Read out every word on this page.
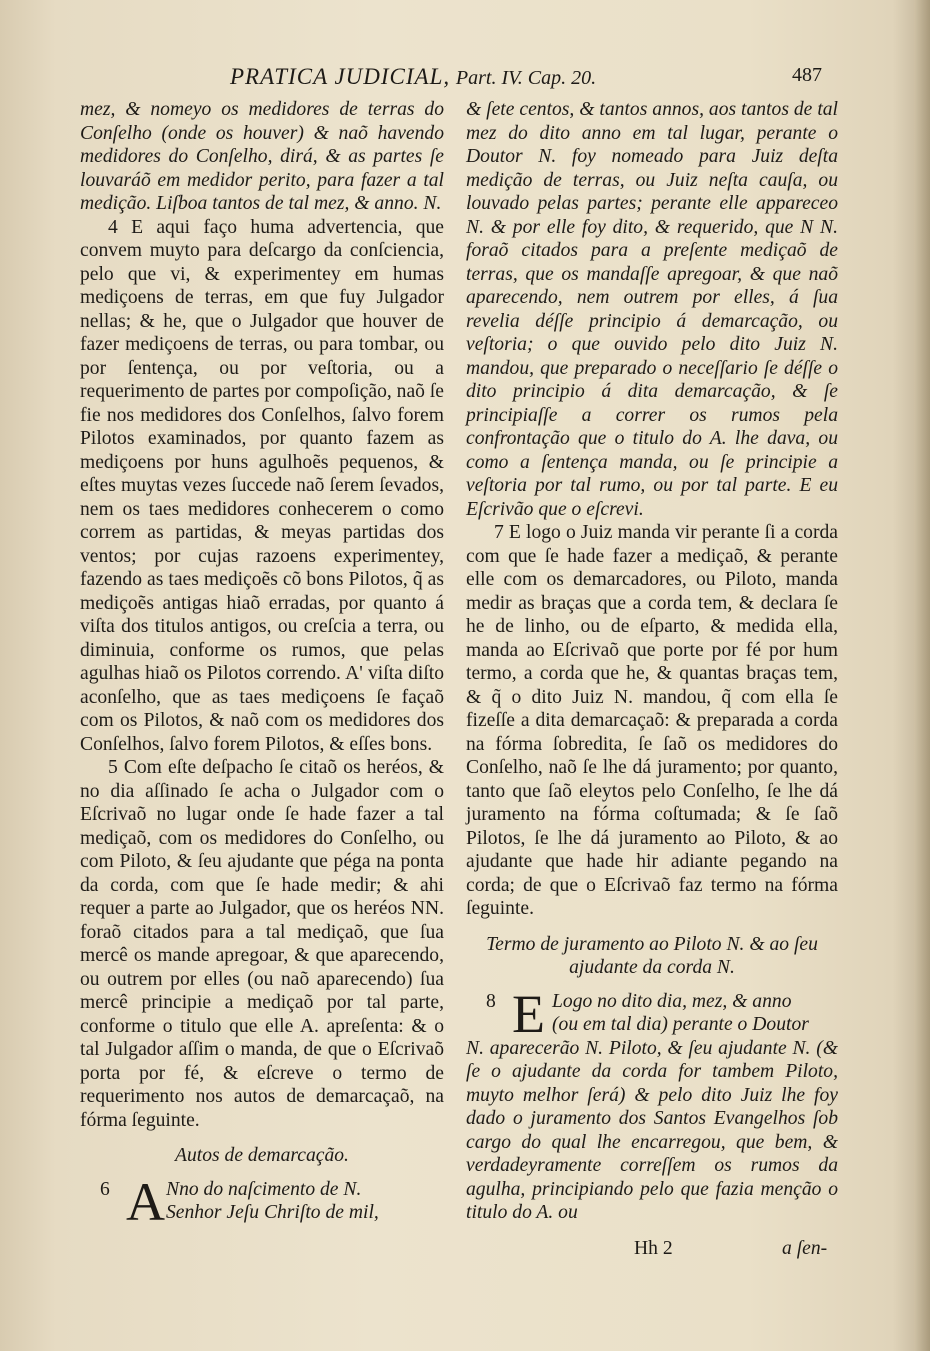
PRATICA JUDICIAL, Part. IV. Cap. 20.	487

mez, & nomeyo os medidores de terras do Conſelho (onde os houver) & naõ havendo medidores do Conſelho, dirá, & as partes ſe louvaráõ em medidor perito, para fazer a tal medição. Liſboa tantos de tal mez, & anno. N.

4 E aqui faço huma advertencia, que convem muyto para deſcargo da conſciencia, pelo que vi, & experimentey em humas mediçoens de terras, em que fuy Julgador nellas; & he, que o Julgador que houver de fazer mediçoens de terras, ou para tombar, ou por ſentença, ou por veſtoria, ou a requerimento de partes por compoſição, naõ ſe fie nos medidores dos Conſelhos, ſalvo forem Pilotos examinados, por quanto fazem as mediçoens por huns agulhoẽs pequenos, & eſtes muytas vezes ſuccede naõ ſerem ſevados, nem os taes medidores conhecerem o como correm as partidas, & meyas partidas dos ventos; por cujas razoens experimentey, fazendo as taes mediçoẽs cõ bons Pilotos, q̃ as mediçoẽs antigas hiaõ erradas, por quanto á viſta dos titulos antigos, ou creſcia a terra, ou diminuia, conforme os rumos, que pelas agulhas hiaõ os Pilotos correndo. A' viſta diſto aconſelho, que as taes mediçoens ſe façaõ com os Pilotos, & naõ com os medidores dos Conſelhos, ſalvo forem Pilotos, & eſſes bons.

5 Com eſte deſpacho ſe citaõ os heréos, & no dia aſſinado ſe acha o Julgador com o Eſcrivaõ no lugar onde ſe hade fazer a tal mediçaõ, com os medidores do Conſelho, ou com Piloto, & ſeu ajudante que péga na ponta da corda, com que ſe hade medir; & ahi requer a parte ao Julgador, que os heréos NN. foraõ citados para a tal mediçaõ, que ſua mercê os mande apregoar, & que aparecendo, ou outrem por elles (ou naõ aparecendo) ſua mercê principie a mediçaõ por tal parte, conforme o titulo que elle A. apreſenta: & o tal Julgador aſſim o manda, de que o Eſcrivaõ porta por fé, & eſcreve o termo de requerimento nos autos de demarcaçaõ, na fórma ſeguinte.

Autos de demarcação.

6 A Nno do naſcimento de N.
Senhor Jeſu Chriſto de mil,

& ſete centos, & tantos annos, aos tantos de tal mez do dito anno em tal lugar, perante o Doutor N. foy nomeado para Juiz deſta medição de terras, ou Juiz neſta cauſa, ou louvado pelas partes; perante elle appareceo N. & por elle foy dito, & requerido, que N N. foraõ citados para a preſente mediçaõ de terras, que os mandaſſe apregoar, & que naõ aparecendo, nem outrem por elles, á ſua revelia déſſe principio á demarcação, ou veſtoria; o que ouvido pelo dito Juiz N. mandou, que preparado o neceſſario ſe déſſe o dito principio á dita demarcação, & ſe principiaſſe a correr os rumos pela confrontação que o titulo do A. lhe dava, ou como a ſentença manda, ou ſe principie a veſtoria por tal rumo, ou por tal parte. E eu Eſcrivão que o eſcrevi.

7 E logo o Juiz manda vir perante ſi a corda com que ſe hade fazer a mediçaõ, & perante elle com os demarcadores, ou Piloto, manda medir as braças que a corda tem, & declara ſe he de linho, ou de eſparto, & medida ella, manda ao Eſcrivaõ que porte por fé por hum termo, a corda que he, & quantas braças tem, & q̃ o dito Juiz N. mandou, q̃ com ella ſe fizeſſe a dita demarcaçaõ: & preparada a corda na fórma ſobredita, ſe ſaõ os medidores do Conſelho, naõ ſe lhe dá juramento; por quanto, tanto que ſaõ eleytos pelo Conſelho, ſe lhe dá juramento na fórma coſtumada; & ſe ſaõ Pilotos, ſe lhe dá juramento ao Piloto, & ao ajudante que hade hir adiante pegando na corda; de que o Eſcrivaõ faz termo na fórma ſeguinte.

Termo de juramento ao Piloto N. & ao ſeu ajudante da corda N.

8 E Logo no dito dia, mez, & anno
(ou em tal dia) perante o Doutor

N. aparecerão N. Piloto, & ſeu ajudante N. (& ſe o ajudante da corda for tambem Piloto, muyto melhor ſerá) & pelo dito Juiz lhe foy dado o juramento dos Santos Evangelhos ſob cargo do qual lhe encarregou, que bem, & verdadeyramente correſſem os rumos da agulha, principiando pelo que fazia menção o titulo do A. ou

Hh 2	a ſen-
